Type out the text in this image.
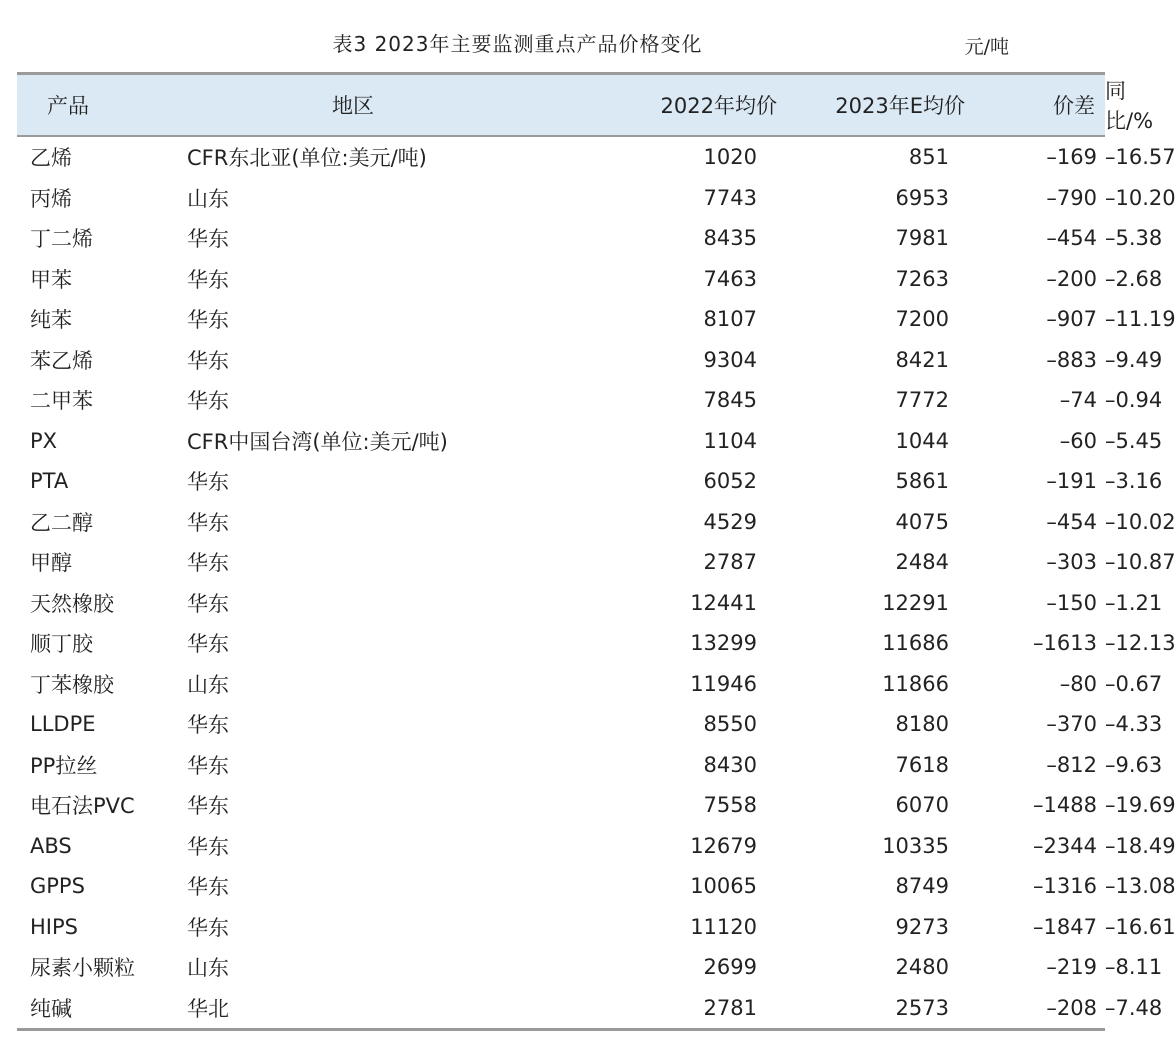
表3 2023年主要监测重点产品价格变化	元/吨
产品	地区	2022年均价	2023年E均价	价差	同比/%
乙烯	CFR东北亚(单位:美元/吨)	1020	851	–169	–16.57
丙烯	山东	7743	6953	–790	–10.20
丁二烯	华东	8435	7981	–454	–5.38
甲苯	华东	7463	7263	–200	–2.68
纯苯	华东	8107	7200	–907	–11.19
苯乙烯	华东	9304	8421	–883	–9.49
二甲苯	华东	7845	7772	–74	–0.94
PX	CFR中国台湾(单位:美元/吨)	1104	1044	–60	–5.45
PTA	华东	6052	5861	–191	–3.16
乙二醇	华东	4529	4075	–454	–10.02
甲醇	华东	2787	2484	–303	–10.87
天然橡胶	华东	12441	12291	–150	–1.21
顺丁胶	华东	13299	11686	–1613	–12.13
丁苯橡胶	山东	11946	11866	–80	–0.67
LLDPE	华东	8550	8180	–370	–4.33
PP拉丝	华东	8430	7618	–812	–9.63
电石法PVC	华东	7558	6070	–1488	–19.69
ABS	华东	12679	10335	–2344	–18.49
GPPS	华东	10065	8749	–1316	–13.08
HIPS	华东	11120	9273	–1847	–16.61
尿素小颗粒	山东	2699	2480	–219	–8.11
纯碱	华北	2781	2573	–208	–7.48
